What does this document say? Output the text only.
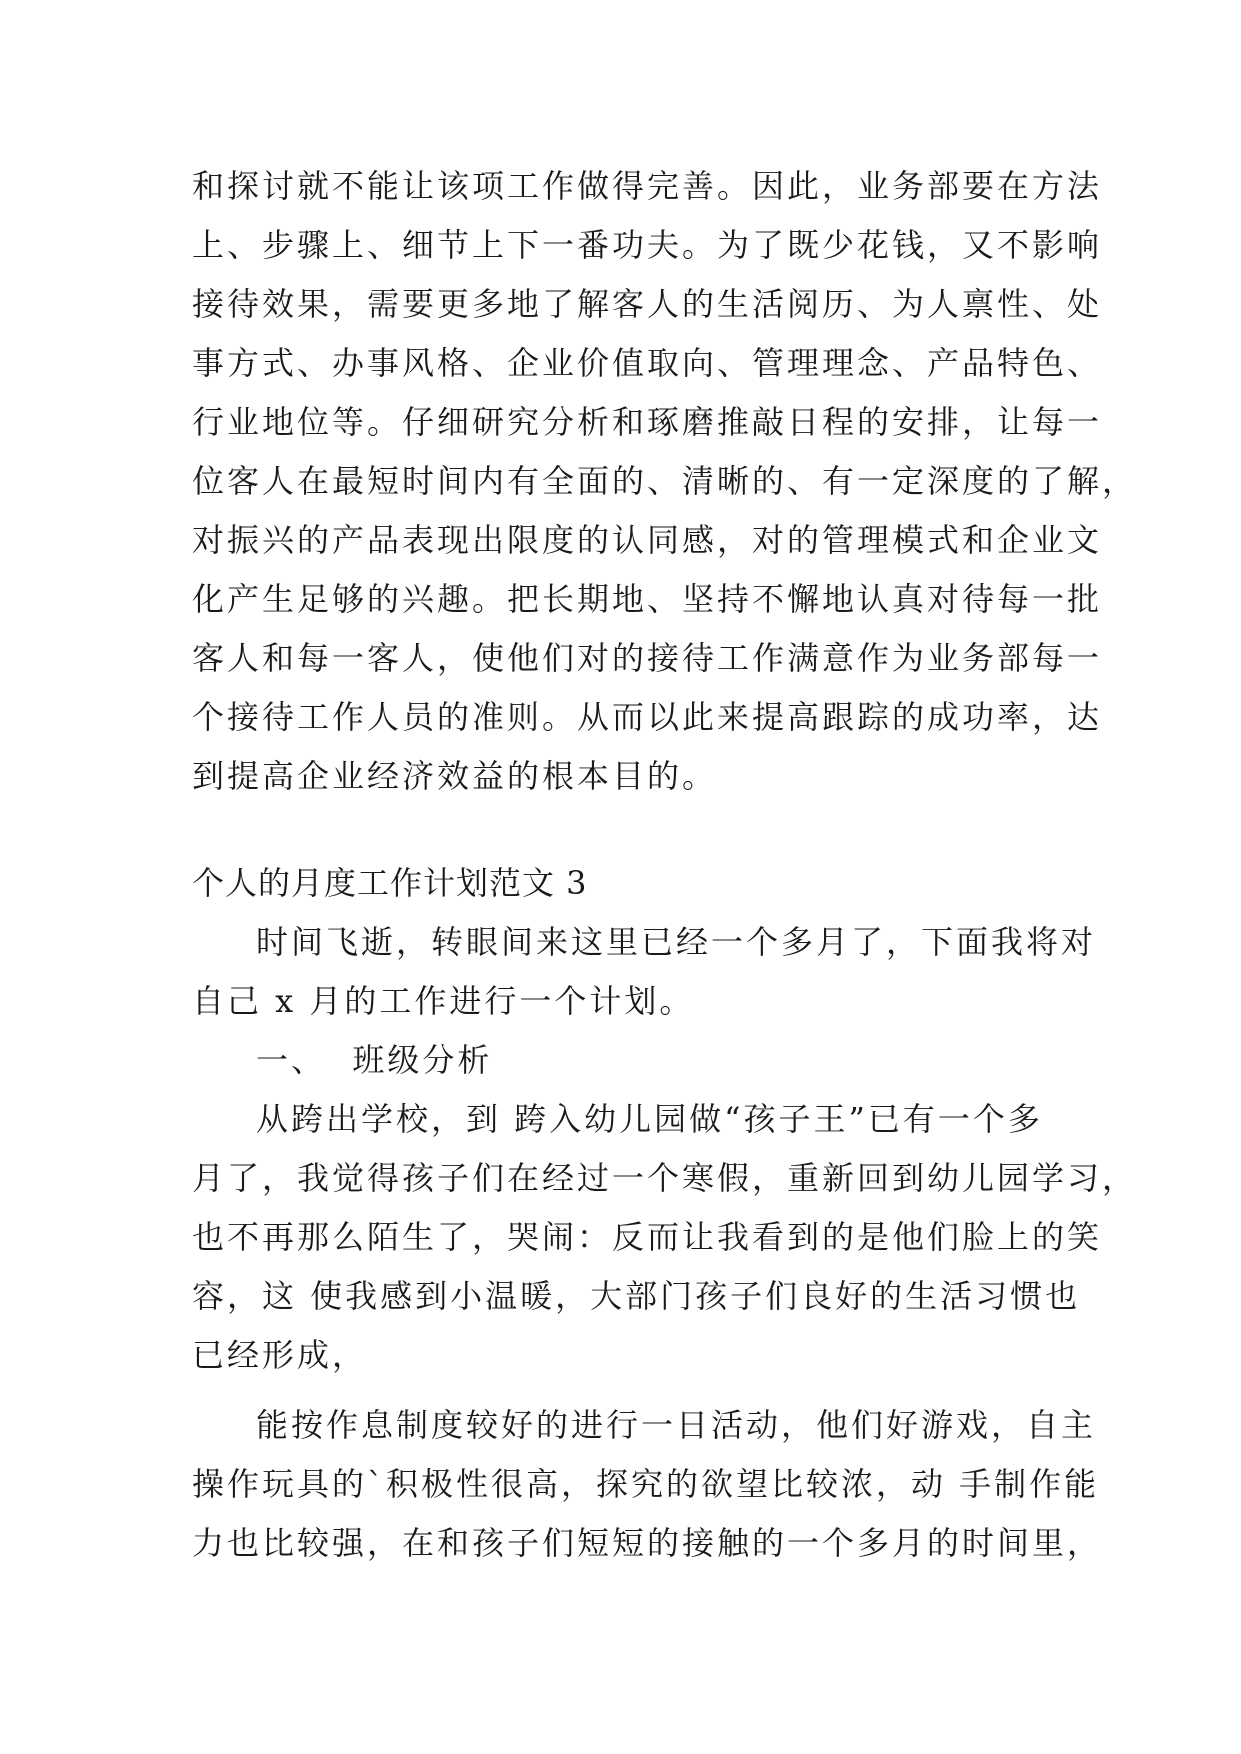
和探讨就不能让该项工作做得完善。因此，业务部要在方法
上、步骤上、细节上下一番功夫。为了既少花钱，又不影响
接待效果，需要更多地了解客人的生活阅历、为人禀性、处
事方式、办事风格、企业价值取向、管理理念、产品特色、
行业地位等。仔细研究分析和琢磨推敲日程的安排，让每一
位客人在最短时间内有全面的、清晰的、有一定深度的了解，
对振兴的产品表现出限度的认同感，对的管理模式和企业文
化产生足够的兴趣。把长期地、坚持不懈地认真对待每一批
客人和每一客人，使他们对的接待工作满意作为业务部每一
个接待工作人员的准则。从而以此来提高跟踪的成功率，达
到提高企业经济效益的根本目的。
个人的月度工作计划范文 3
时间飞逝，转眼间来这里已经一个多月了，下面我将对
自己 x 月的工作进行一个计划。
一、  班级分析
从跨出学校，到 跨入幼儿园做“孩子王”已有一个多
月了，我觉得孩子们在经过一个寒假，重新回到幼儿园学习，
也不再那么陌生了，哭闹：反而让我看到的是他们脸上的笑
容，这 使我感到小温暖，大部门孩子们良好的生活习惯也
已经形成，
能按作息制度较好的进行一日活动，他们好游戏，自主
操作玩具的`积极性很高，探究的欲望比较浓，动 手制作能
力也比较强，在和孩子们短短的接触的一个多月的时间里，
